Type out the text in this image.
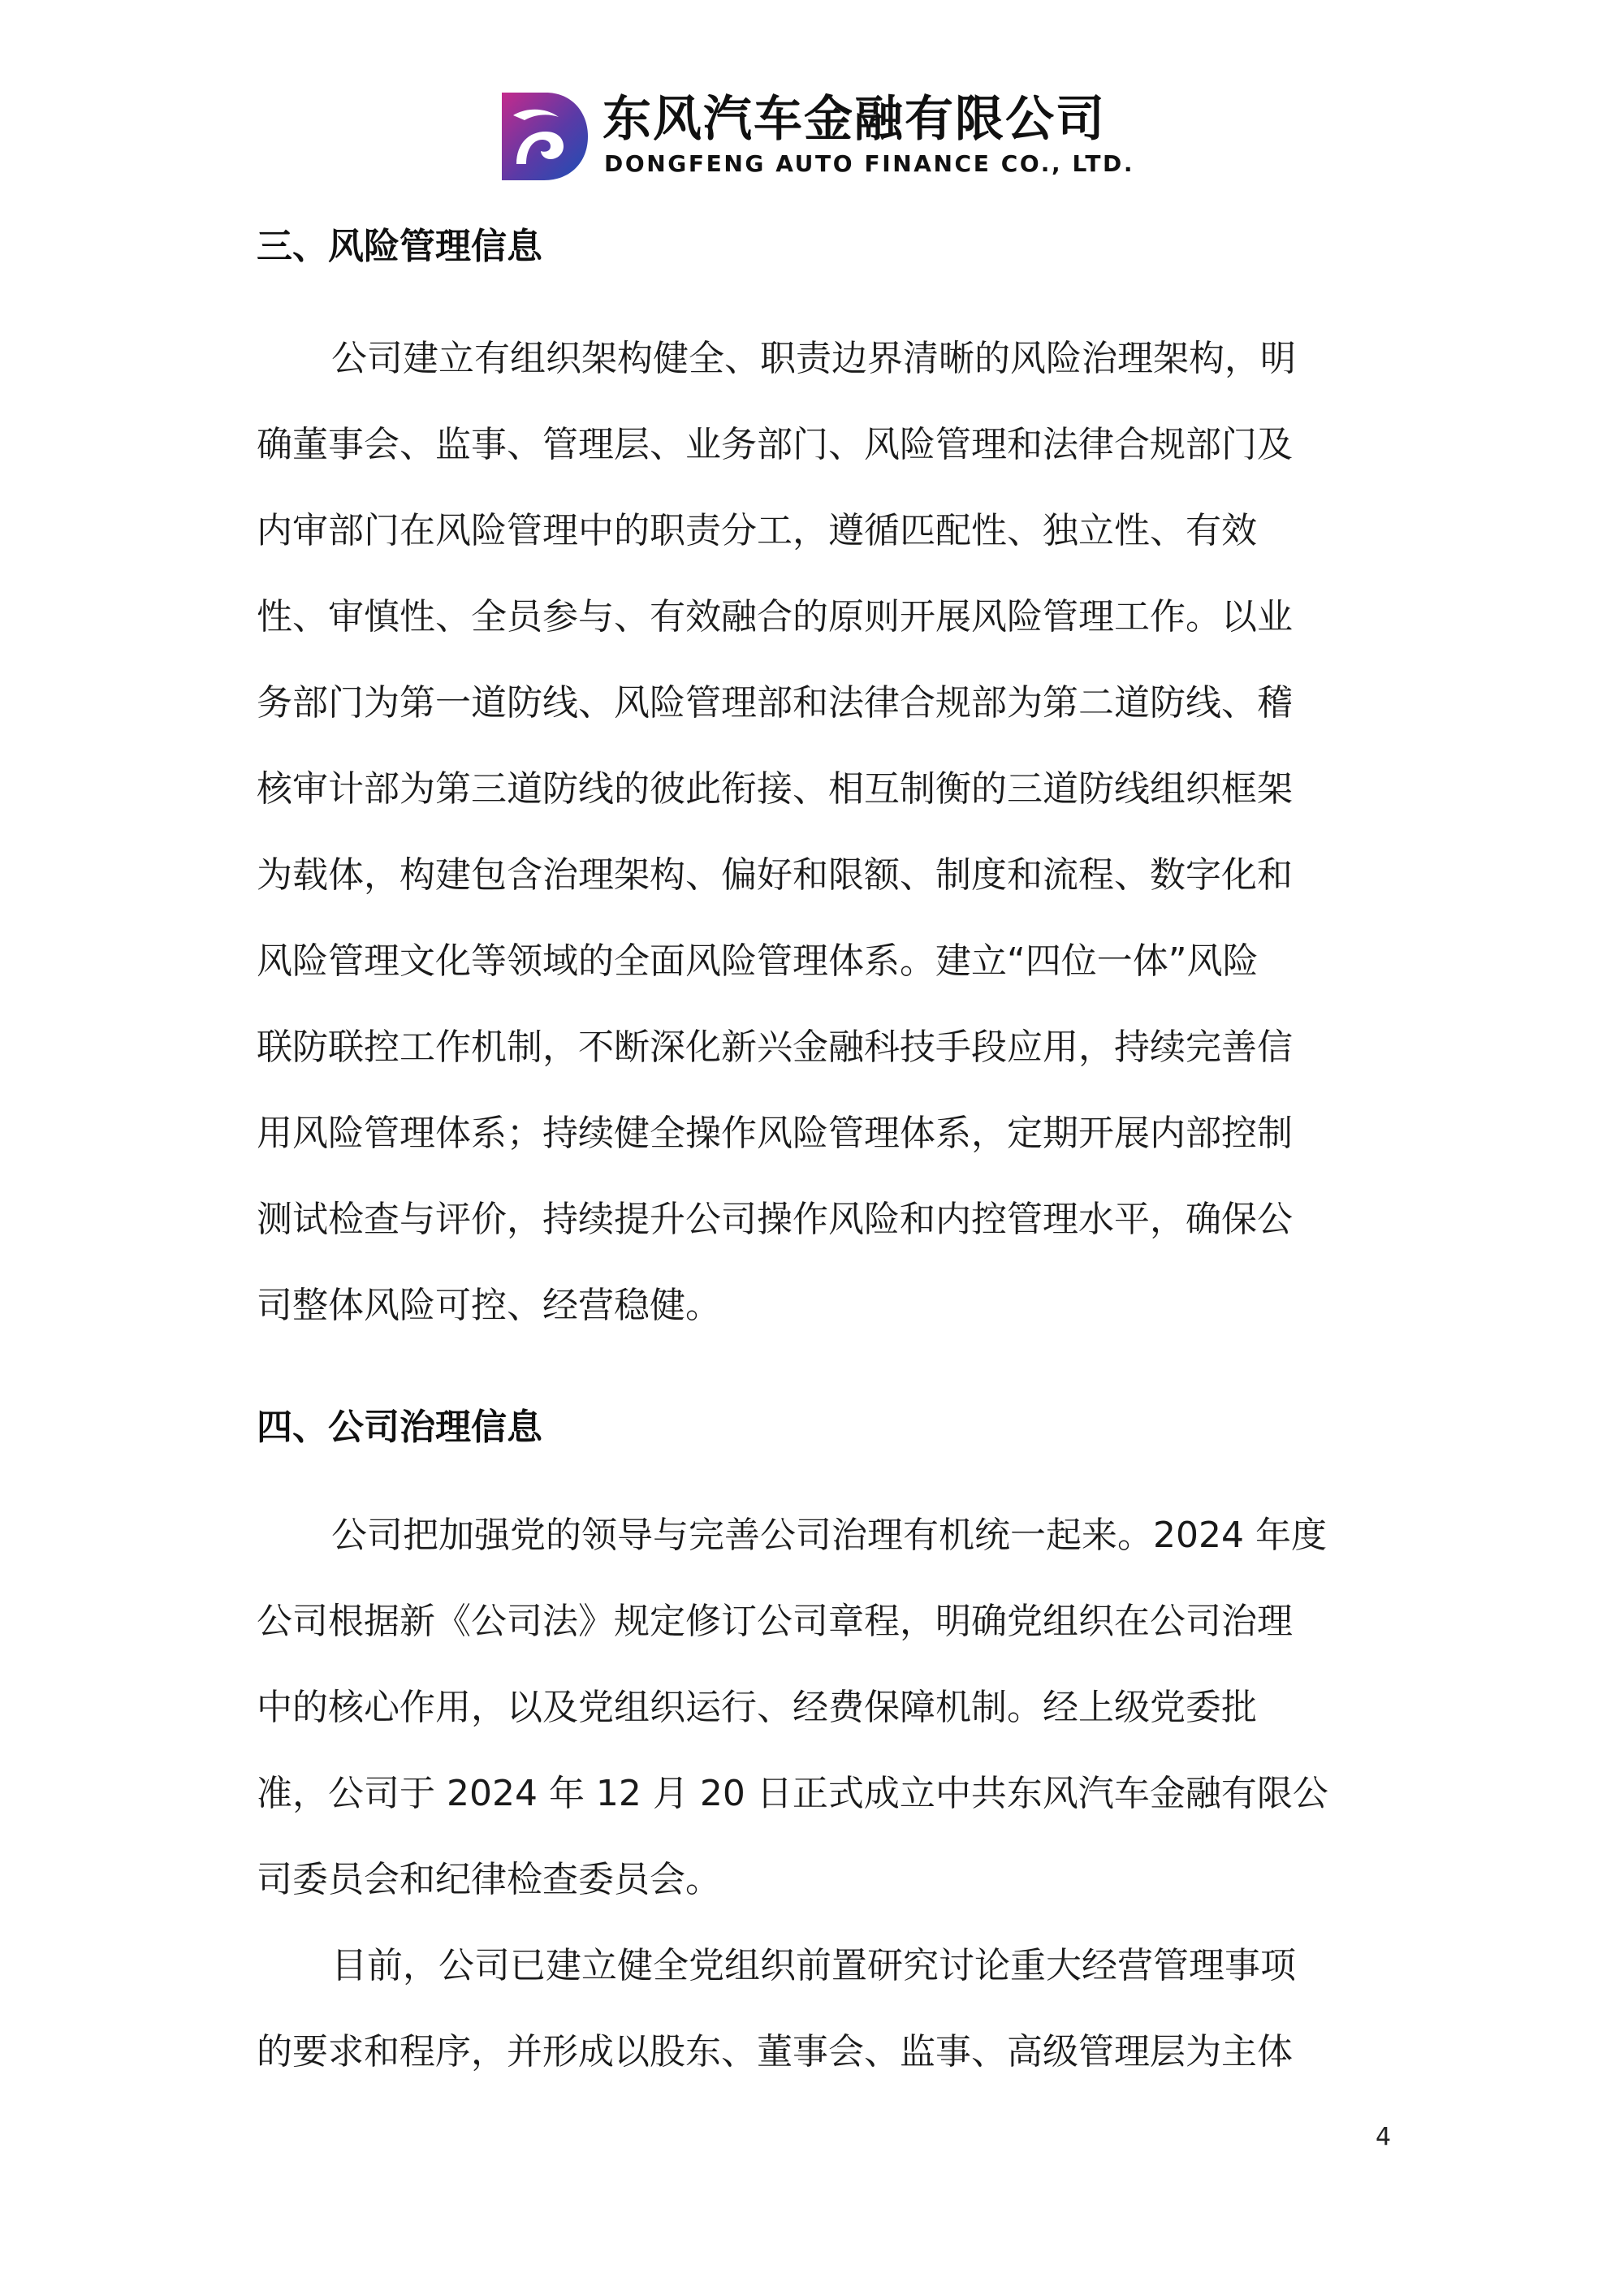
东风汽车金融有限公司
DONGFENG AUTO FINANCE CO., LTD.
三、风险管理信息
公司建立有组织架构健全、职责边界清晰的风险治理架构，明
确董事会、监事、管理层、业务部门、风险管理和法律合规部门及
内审部门在风险管理中的职责分工，遵循匹配性、独立性、有效
性、审慎性、全员参与、有效融合的原则开展风险管理工作。以业
务部门为第一道防线、风险管理部和法律合规部为第二道防线、稽
核审计部为第三道防线的彼此衔接、相互制衡的三道防线组织框架
为载体，构建包含治理架构、偏好和限额、制度和流程、数字化和
风险管理文化等领域的全面风险管理体系。建立“四位一体”风险
联防联控工作机制，不断深化新兴金融科技手段应用，持续完善信
用风险管理体系；持续健全操作风险管理体系，定期开展内部控制
测试检查与评价，持续提升公司操作风险和内控管理水平，确保公
司整体风险可控、经营稳健。
四、公司治理信息
公司把加强党的领导与完善公司治理有机统一起来。2024 年度
公司根据新《公司法》规定修订公司章程，明确党组织在公司治理
中的核心作用，以及党组织运行、经费保障机制。经上级党委批
准，公司于 2024 年 12 月 20 日正式成立中共东风汽车金融有限公
司委员会和纪律检查委员会。
目前，公司已建立健全党组织前置研究讨论重大经营管理事项
的要求和程序，并形成以股东、董事会、监事、高级管理层为主体
4
